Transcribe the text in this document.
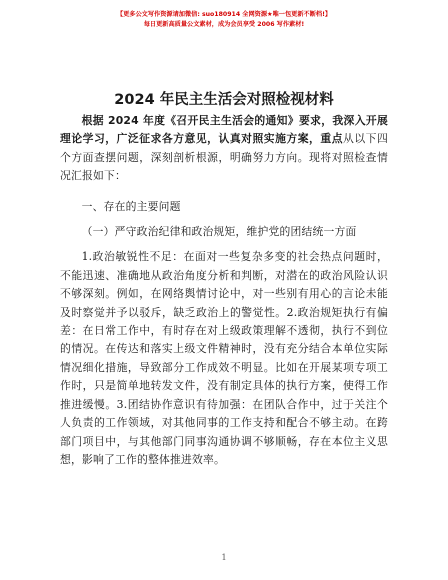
【更多公文写作资源请加微信: suo180914 全网资源★唯一包更新不断档!】
每日更新高质量公文素材，成为会员享受 2006 写作素材!
2024 年民主生活会对照检视材料

根据 2024 年度《召开民主生活会的通知》要求，我深入开展理论学习，广泛征求各方意见，认真对照实施方案，重点从以下四个方面查摆问题，深刻剖析根源，明确努力方向。现将对照检查情况汇报如下：

一、存在的主要问题

（一）严守政治纪律和政治规矩，维护党的团结统一方面

1.政治敏锐性不足：在面对一些复杂多变的社会热点问题时，不能迅速、准确地从政治角度分析和判断，对潜在的政治风险认识不够深刻。例如，在网络舆情讨论中，对一些别有用心的言论未能及时察觉并予以驳斥，缺乏政治上的警觉性。2.政治规矩执行有偏差：在日常工作中，有时存在对上级政策理解不透彻，执行不到位的情况。在传达和落实上级文件精神时，没有充分结合本单位实际情况细化措施，导致部分工作成效不明显。比如在开展某项专项工作时，只是简单地转发文件，没有制定具体的执行方案，使得工作推进缓慢。3.团结协作意识有待加强：在团队合作中，过于关注个人负责的工作领域，对其他同事的工作支持和配合不够主动。在跨部门项目中，与其他部门同事沟通协调不够顺畅，存在本位主义思想，影响了工作的整体推进效率。

1
